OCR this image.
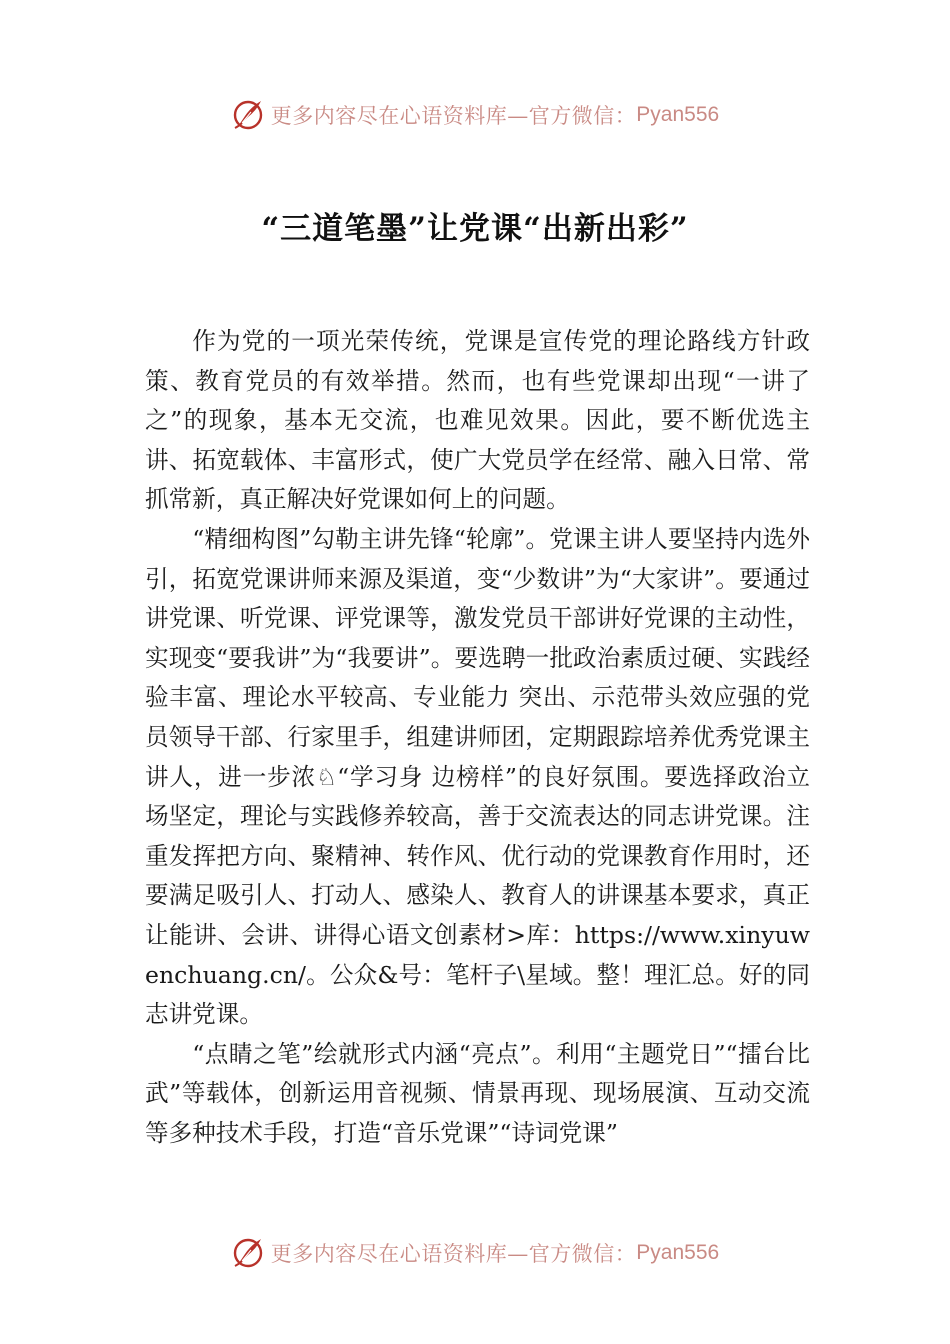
更多内容尽在心语资料库—官方微信： Pyan556
“三道笔墨”让党课“出新出彩”

作为党的一项光荣传统，党课是宣传党的理论路线方针政策、教育党员的有效举措。然而，也有些党课却出现“一讲了之”的现象，基本无交流，也难见效果。因此，要不断优选主讲、拓宽载体、丰富形式，使广大党员学在经常、融入日常、常抓常新，真正解决好党课如何上的问题。

“精细构图”勾勒主讲先锋“轮廓”。党课主讲人要坚持内选外引，拓宽党课讲师来源及渠道，变“少数讲”为“大家讲”。要通过讲党课、听党课、评党课等，激发党员干部讲好党课的主动性，实现变“要我讲”为“我要讲”。要选聘一批政治素质过硬、实践经验丰富、理论水平较高、专业能力 突出、示范带头效应强的党员领导干部、行家里手，组建讲师团，定期跟踪培养优秀党课主讲人，进一步浓♘“学习身 边榜样”的良好氛围。要选择政治立场坚定，理论与实践修养较高，善于交流表达的同志讲党课。注重发挥把方向、聚精神、转作风、优行动的党课教育作用时，还要满足吸引人、打动人、感染人、教育人的讲课基本要求，真正让能讲、会讲、讲得心语文创素材>库：https://www.xinyuwenchuang.cn/。公众&号：笔杆子\星域。整！理汇总。好的同志讲党课。

“点睛之笔”绘就形式内涵“亮点”。利用“主题党日”“擂台比武”等载体，创新运用音视频、情景再现、现场展演、互动交流等多种技术手段，打造“音乐党课”“诗词党课”

更多内容尽在心语资料库—官方微信： Pyan556
